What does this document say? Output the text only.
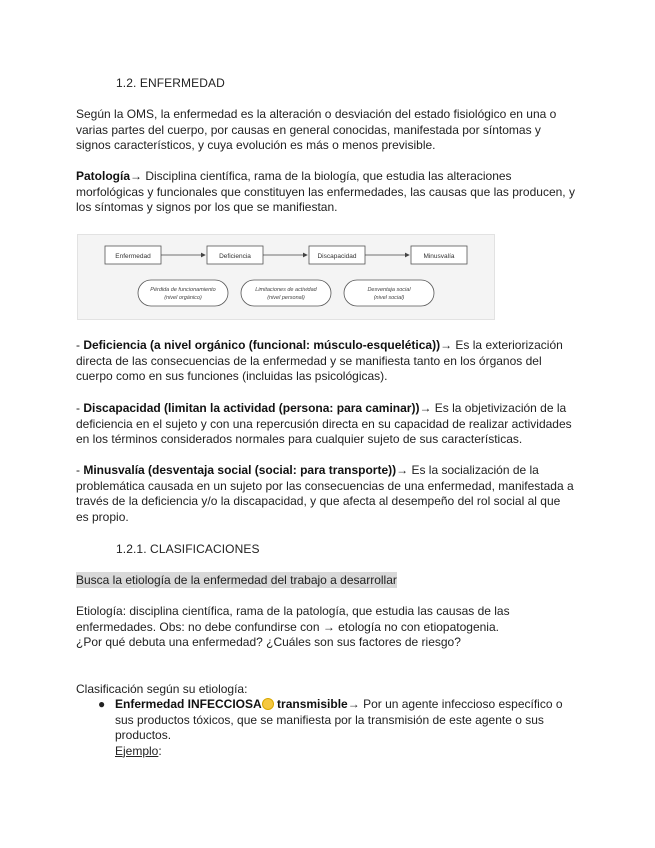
1.2. ENFERMEDAD

Según la OMS, la enfermedad es la alteración o desviación del estado fisiológico en una o varias partes del cuerpo, por causas en general conocidas, manifestada por síntomas y signos característicos, y cuya evolución es más o menos previsible.

Patología→ Disciplina científica, rama de la biología, que estudia las alteraciones morfológicas y funcionales que constituyen las enfermedades, las causas que las producen, y los síntomas y signos por los que se manifiestan.

Enfermedad	Deficiencia	Discapacidad	Minusvalía
Pérdida de funcionamiento
(nivel orgánico)
Limitaciones de actividad
(nivel personal)
Desventaja social
(nivel social)

- Deficiencia (a nivel orgánico (funcional: músculo-esquelética))→ Es la exteriorización directa de las consecuencias de la enfermedad y se manifiesta tanto en los órganos del cuerpo como en sus funciones (incluidas las psicológicas).

- Discapacidad (limitan la actividad (persona: para caminar))→ Es la objetivización de la deficiencia en el sujeto y con una repercusión directa en su capacidad de realizar actividades en los términos considerados normales para cualquier sujeto de sus características.

- Minusvalía (desventaja social (social: para transporte))→ Es la socialización de la problemática causada en un sujeto por las consecuencias de una enfermedad, manifestada a través de la deficiencia y/o la discapacidad, y que afecta al desempeño del rol social al que es propio.

1.2.1. CLASIFICACIONES

Busca la etiología de la enfermedad del trabajo a desarrollar

Etiología: disciplina científica, rama de la patología, que estudia las causas de las enfermedades. Obs: no debe confundirse con → etología no con etiopatogenia.
¿Por qué debuta una enfermedad? ¿Cuáles son sus factores de riesgo?

Clasificación según su etiología:

● Enfermedad INFECCIOSA transmisible→ Por un agente infeccioso específico o sus productos tóxicos, que se manifiesta por la transmisión de este agente o sus productos.
Ejemplo:
